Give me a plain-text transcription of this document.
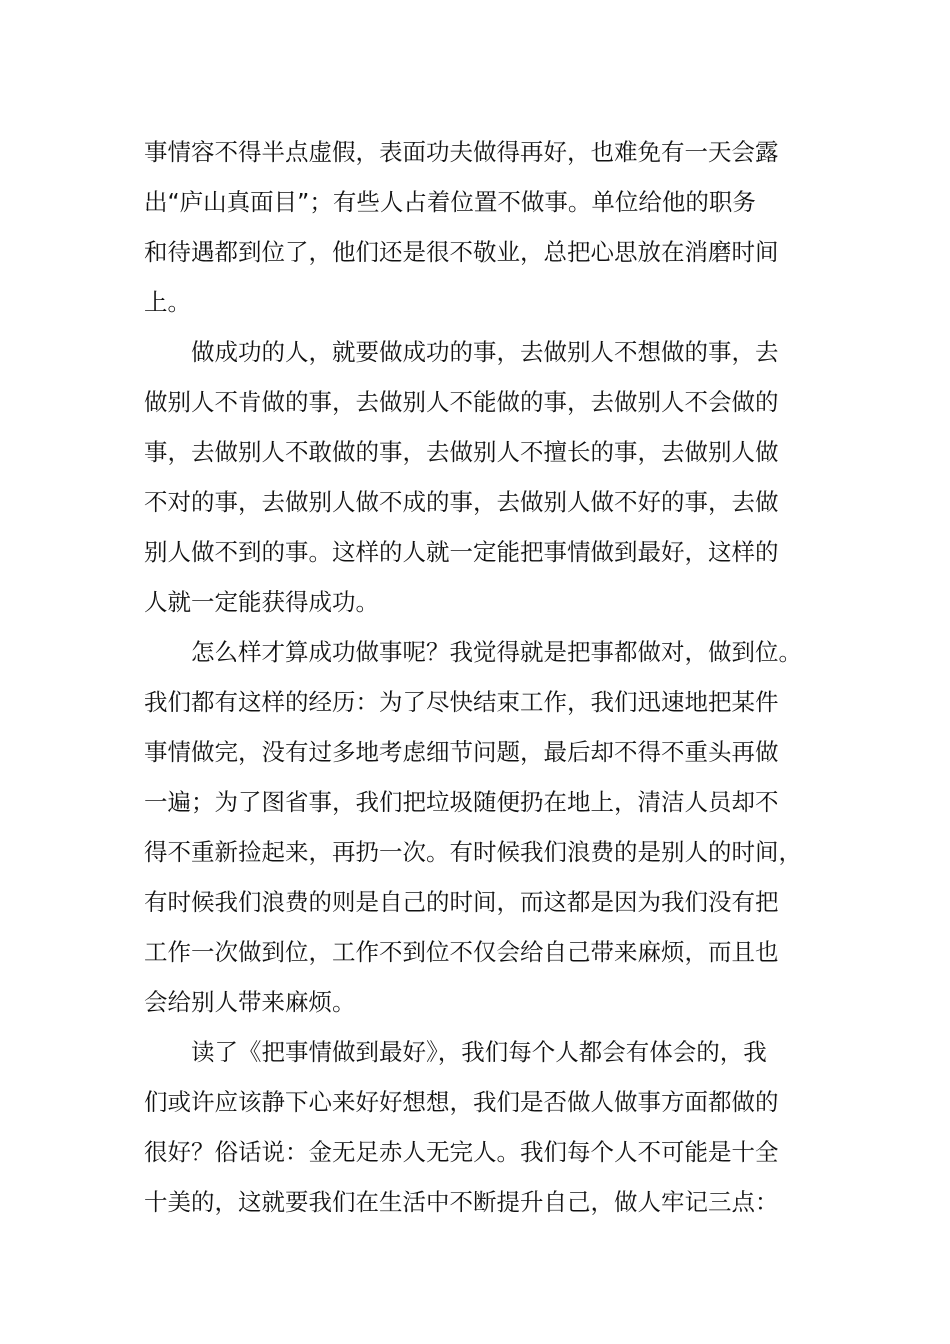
事情容不得半点虚假，表面功夫做得再好，也难免有一天会露
出“庐山真面目”；有些人占着位置不做事。单位给他的职务
和待遇都到位了，他们还是很不敬业，总把心思放在消磨时间
上。
做成功的人，就要做成功的事，去做别人不想做的事，去
做别人不肯做的事，去做别人不能做的事，去做别人不会做的
事，去做别人不敢做的事，去做别人不擅长的事，去做别人做
不对的事，去做别人做不成的事，去做别人做不好的事，去做
别人做不到的事。这样的人就一定能把事情做到最好，这样的
人就一定能获得成功。
怎么样才算成功做事呢？我觉得就是把事都做对，做到位。
我们都有这样的经历：为了尽快结束工作，我们迅速地把某件
事情做完，没有过多地考虑细节问题，最后却不得不重头再做
一遍；为了图省事，我们把垃圾随便扔在地上，清洁人员却不
得不重新捡起来，再扔一次。有时候我们浪费的是别人的时间，
有时候我们浪费的则是自己的时间，而这都是因为我们没有把
工作一次做到位，工作不到位不仅会给自己带来麻烦，而且也
会给别人带来麻烦。
读了《把事情做到最好》，我们每个人都会有体会的，我
们或许应该静下心来好好想想，我们是否做人做事方面都做的
很好？俗话说：金无足赤人无完人。我们每个人不可能是十全
十美的，这就要我们在生活中不断提升自己，做人牢记三点：
